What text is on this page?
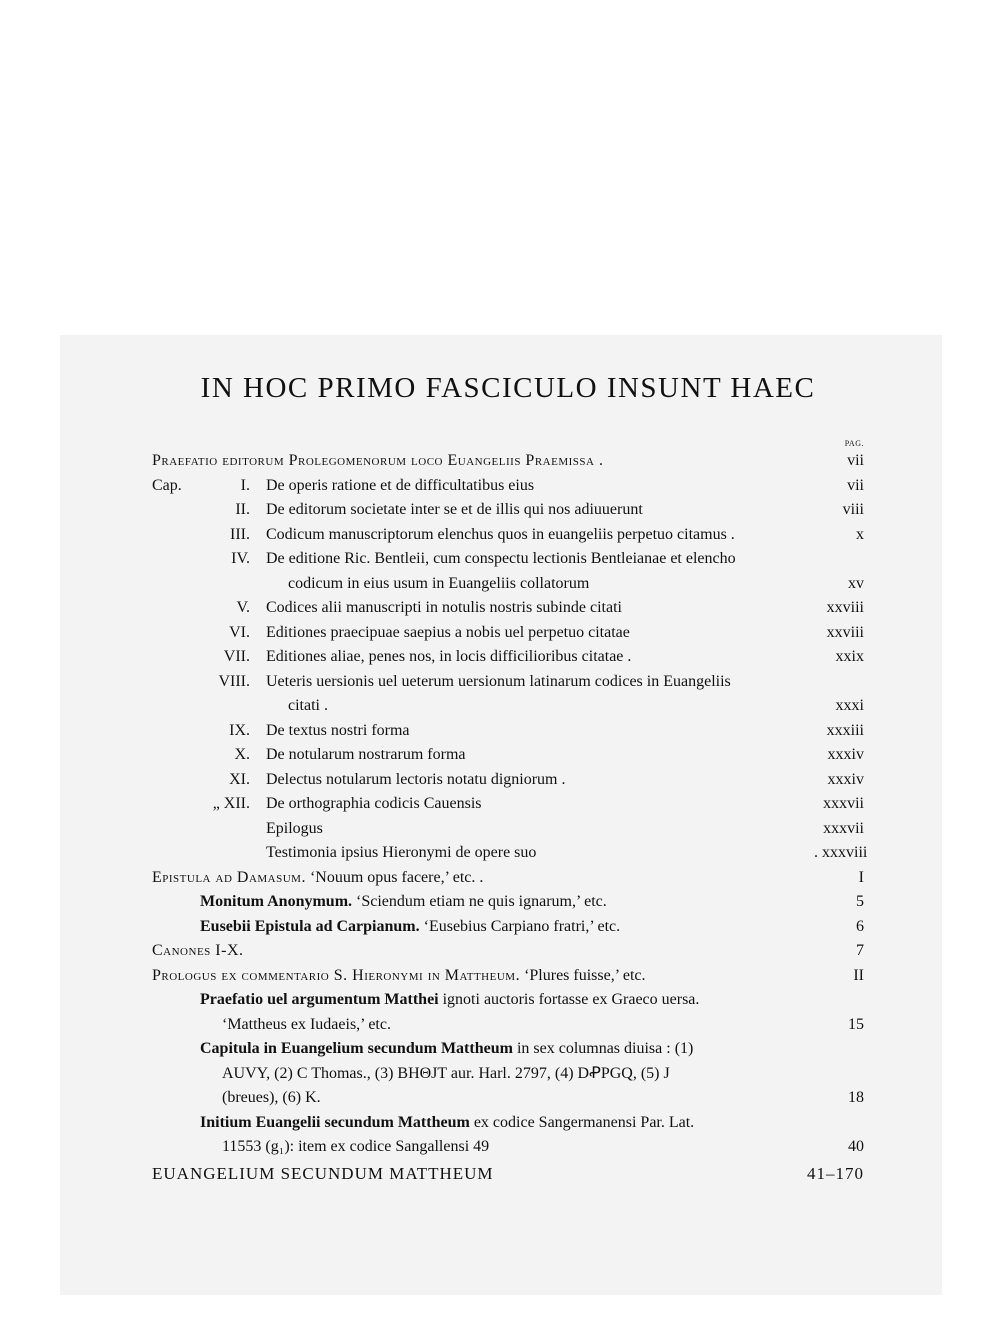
IN HOC PRIMO FASCICULO INSUNT HAEC
PAG.
Praefatio editorum Prolegomenorum loco Euangeliis Praemissa .	vii
Cap.	I.	De operis ratione et de difficultatibus eius	vii
II.	De editorum societate inter se et de illis qui nos adiuuerunt	viii
III.	Codicum manuscriptorum elenchus quos in euangeliis perpetuo citamus .	x
IV.	De editione Ric. Bentleii, cum conspectu lectionis Bentleianae et elencho
codicum in eius usum in Euangeliis collatorum	xv
V.	Codices alii manuscripti in notulis nostris subinde citati	xxviii
VI.	Editiones praecipuae saepius a nobis uel perpetuo citatae	xxviii
VII.	Editiones aliae, penes nos, in locis difficilioribus citatae .	xxix
VIII.	Ueteris uersionis uel ueterum uersionum latinarum codices in Euangeliis
citati .	xxxi
IX.	De textus nostri forma	xxxiii
X.	De notularum nostrarum forma	xxxiv
XI.	Delectus notularum lectoris notatu digniorum .	xxxiv
„ XII.	De orthographia codicis Cauensis	xxxvii
Epilogus	xxxvii
Testimonia ipsius Hieronymi de opere suo	. xxxviii
Epistula ad Damasum. ‘Nouum opus facere,’ etc. .	I
Monitum Anonymum. ‘Sciendum etiam ne quis ignarum,’ etc.	5
Eusebii Epistula ad Carpianum. ‘Eusebius Carpiano fratri,’ etc.	6
Canones I-X.	7
Prologus ex commentario S. Hieronymi in Mattheum. ‘Plures fuisse,’ etc.	II
Praefatio uel argumentum Matthei ignoti auctoris fortasse ex Graeco uersa.
‘Mattheus ex Iudaeis,’ etc.	15
Capitula in Euangelium secundum Mattheum in sex columnas diuisa : (1)
AUVY, (2) C Thomas., (3) BHΘJT aur. Harl. 2797, (4) DꝒPGQ, (5) J
(breues), (6) K.	18
Initium Euangelii secundum Mattheum ex codice Sangermanensi Par. Lat.
11553 (g₁): item ex codice Sangallensi 49	40
EUANGELIUM SECUNDUM MATTHEUM	41–170
